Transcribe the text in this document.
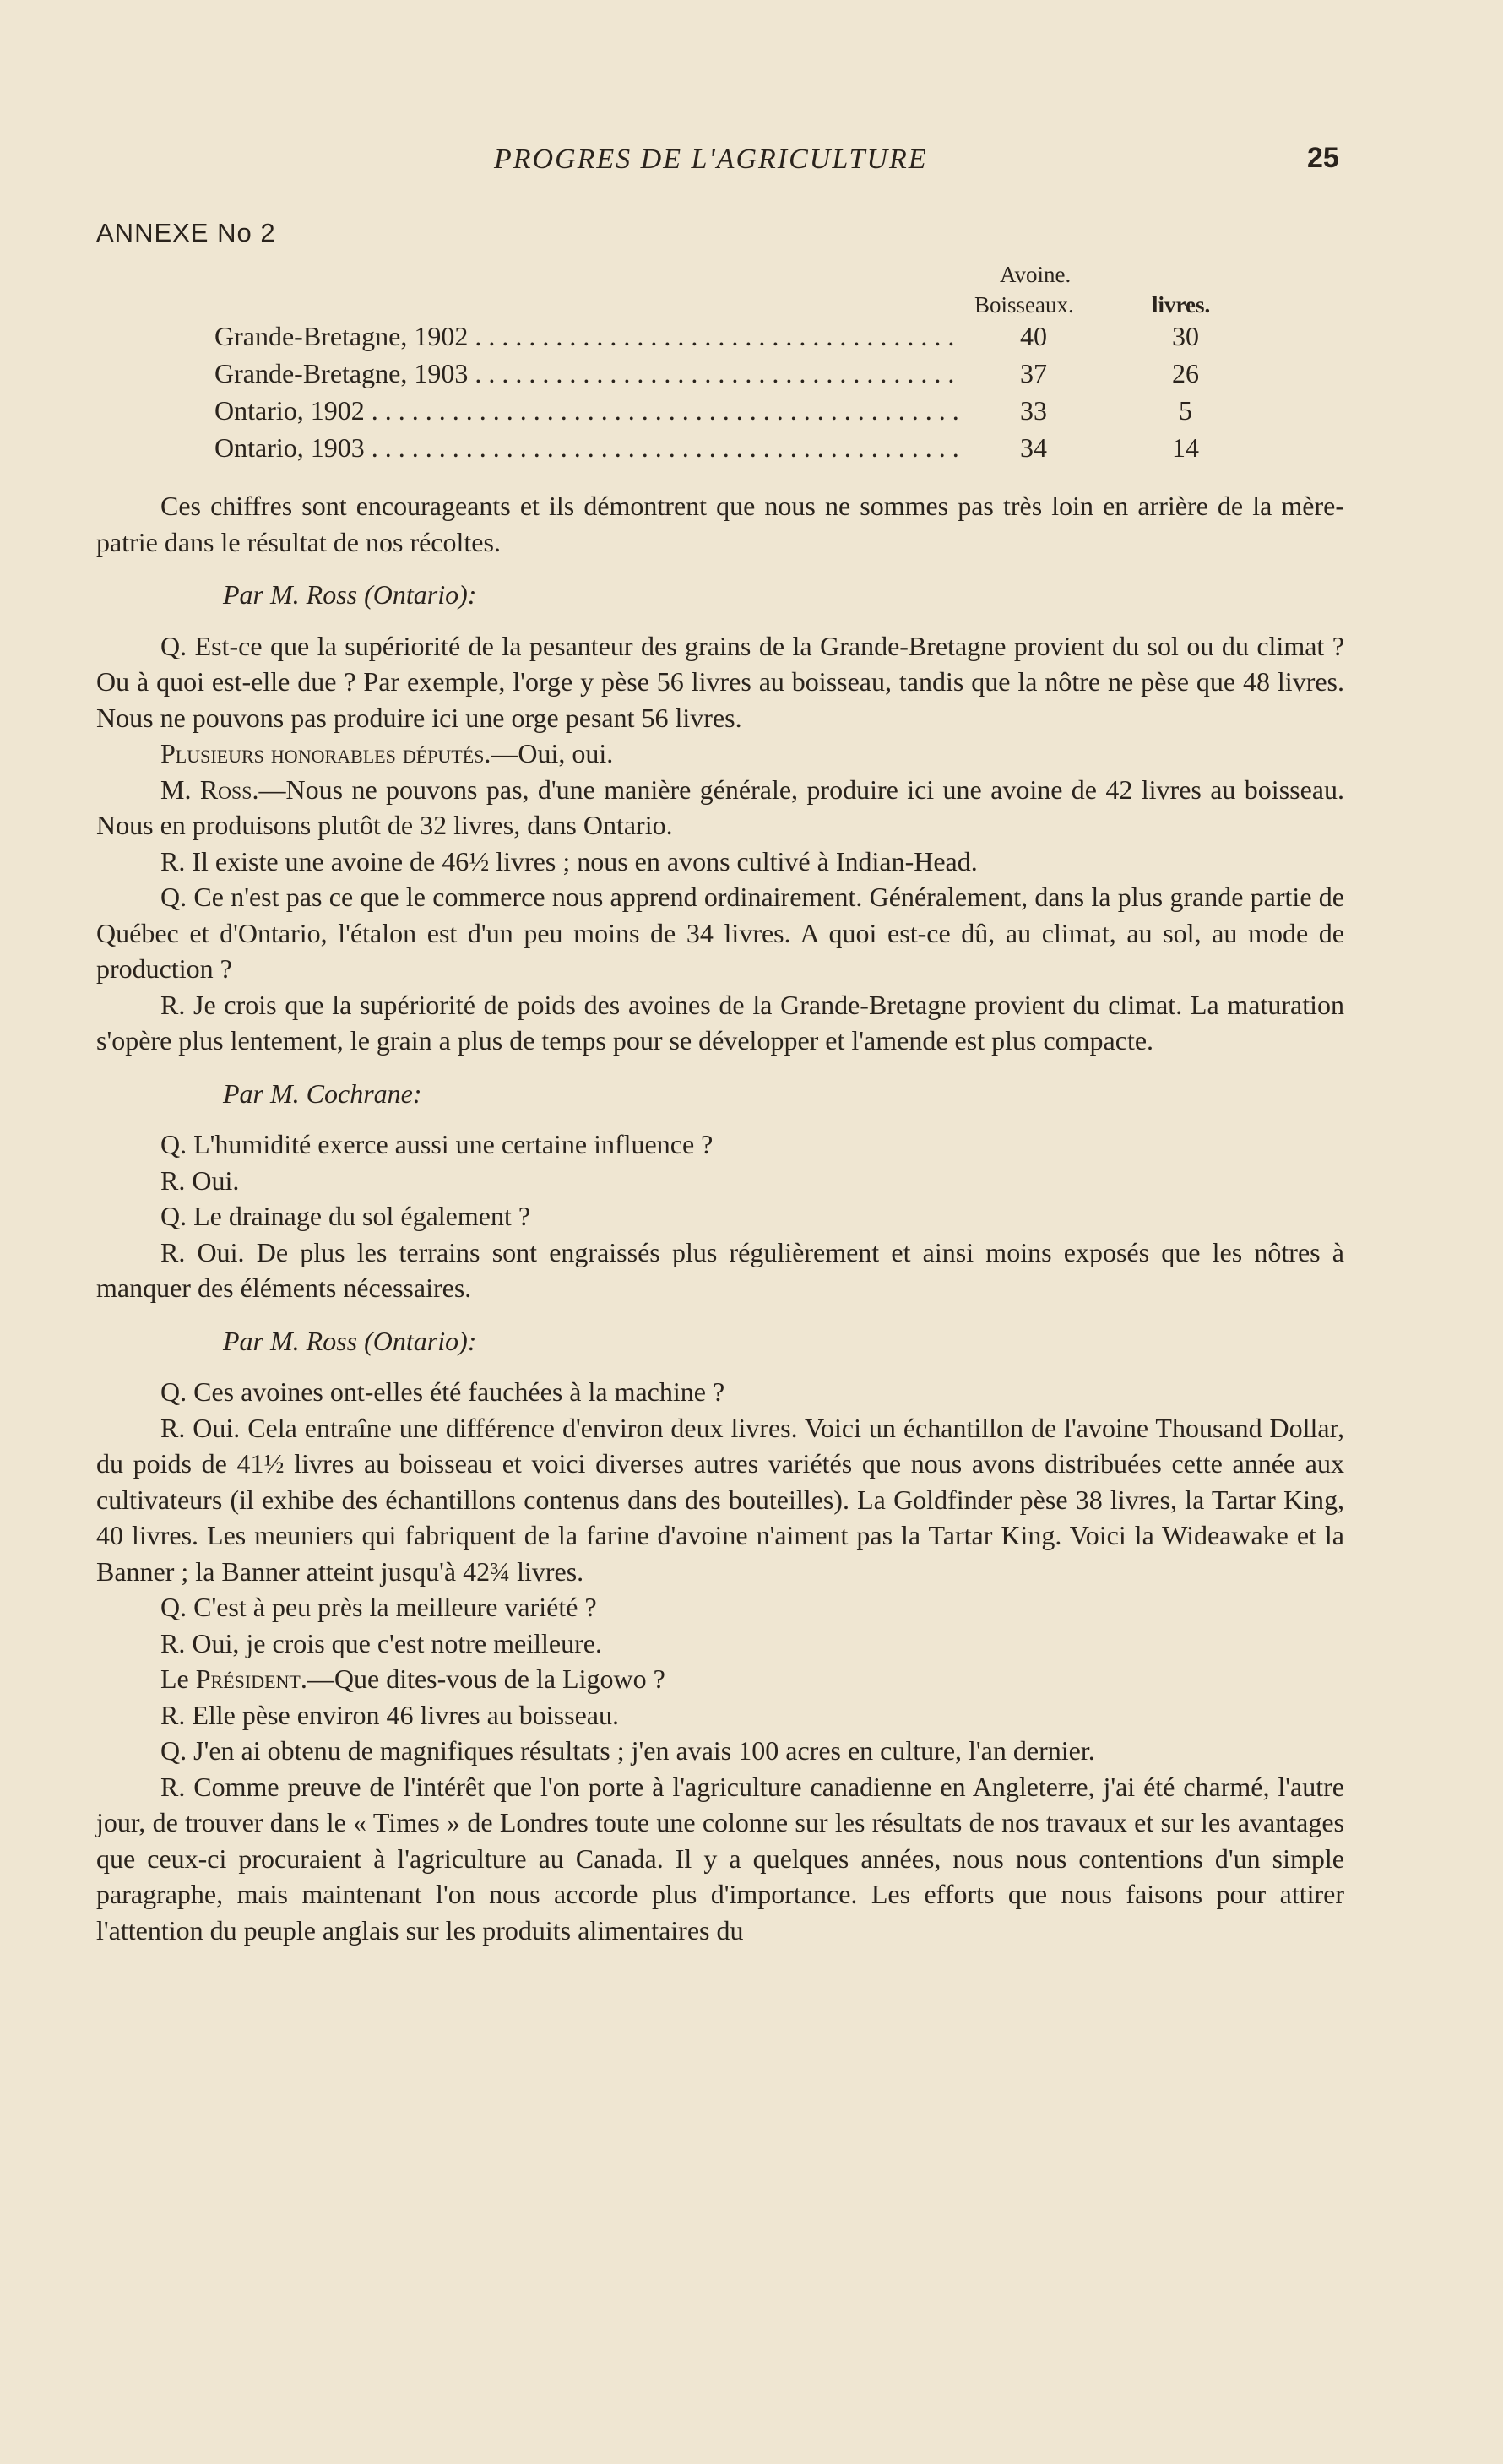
PROGRES DE L'AGRICULTURE	25
ANNEXE No 2
Avoine.
Boisseaux.	livres.
Grande-Bretagne, 1902 . . .	40	30
Grande-Bretagne, 1903 . . .	37	26
Ontario, 1902 . . .	33	5
Ontario, 1903 . . .	34	14

Ces chiffres sont encourageants et ils démontrent que nous ne sommes pas très loin en arrière de la mère-patrie dans le résultat de nos récoltes.

Par M. Ross (Ontario):

Q. Est-ce que la supériorité de la pesanteur des grains de la Grande-Bretagne provient du sol ou du climat ? Ou à quoi est-elle due ? Par exemple, l'orge y pèse 56 livres au boisseau, tandis que la nôtre ne pèse que 48 livres. Nous ne pouvons pas produire ici une orge pesant 56 livres.

Plusieurs honorables députés.—Oui, oui.

M. Ross.—Nous ne pouvons pas, d'une manière générale, produire ici une avoine de 42 livres au boisseau. Nous en produisons plutôt de 32 livres, dans Ontario.

R. Il existe une avoine de 46½ livres ; nous en avons cultivé à Indian-Head.

Q. Ce n'est pas ce que le commerce nous apprend ordinairement. Généralement, dans la plus grande partie de Québec et d'Ontario, l'étalon est d'un peu moins de 34 livres. A quoi est-ce dû, au climat, au sol, au mode de production ?

R. Je crois que la supériorité de poids des avoines de la Grande-Bretagne provient du climat. La maturation s'opère plus lentement, le grain a plus de temps pour se développer et l'amende est plus compacte.

Par M. Cochrane:

Q. L'humidité exerce aussi une certaine influence ?

R. Oui.

Q. Le drainage du sol également ?

R. Oui. De plus les terrains sont engraissés plus régulièrement et ainsi moins exposés que les nôtres à manquer des éléments nécessaires.

Par M. Ross (Ontario):

Q. Ces avoines ont-elles été fauchées à la machine ?

R. Oui. Cela entraîne une différence d'environ deux livres. Voici un échantillon de l'avoine Thousand Dollar, du poids de 41½ livres au boisseau et voici diverses autres variétés que nous avons distribuées cette année aux cultivateurs (il exhibe des échantillons contenus dans des bouteilles). La Goldfinder pèse 38 livres, la Tartar King, 40 livres. Les meuniers qui fabriquent de la farine d'avoine n'aiment pas la Tartar King. Voici la Wideawake et la Banner ; la Banner atteint jusqu'à 42¾ livres.

Q. C'est à peu près la meilleure variété ?

R. Oui, je crois que c'est notre meilleure.

Le Président.—Que dites-vous de la Ligowo ?

R. Elle pèse environ 46 livres au boisseau.

Q. J'en ai obtenu de magnifiques résultats ; j'en avais 100 acres en culture, l'an dernier.

R. Comme preuve de l'intérêt que l'on porte à l'agriculture canadienne en Angleterre, j'ai été charmé, l'autre jour, de trouver dans le « Times » de Londres toute une colonne sur les résultats de nos travaux et sur les avantages que ceux-ci procuraient à l'agriculture au Canada. Il y a quelques années, nous nous contentions d'un simple paragraphe, mais maintenant l'on nous accorde plus d'importance. Les efforts que nous faisons pour attirer l'attention du peuple anglais sur les produits alimentaires du
